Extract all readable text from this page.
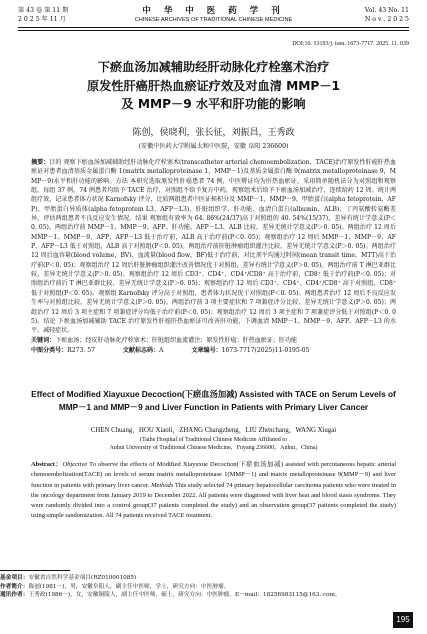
第 43 卷 第 11 期
2 0 2 5 年 11 月
中 华 中 医 药 学 刊
CHINESE ARCHIVES OF TRADITIONAL CHINESE MEDICINE
Vol. 43 No. 11
N o v . 2 0 2 5
DOI:10. 13193/j. issn. 1673-7717. 2025. 11. 039
下瘀血汤加减辅助经肝动脉化疗栓塞术治疗
原发性肝癌肝热血瘀证疗效及对血清 MMP－1
及 MMP－9 水平和肝功能的影响
陈创，侯晓利，张长征，刘振昌，王秀政
(安徽中医药大学附属太和中医院，安徽 阜阳 236600)
摘要：目的 观察下瘀血汤加减辅助经肝动脉化疗栓塞术(transcatheter arterial chemoembolization，TACE)治疗原发性肝癌肝热血瘀证对患者血清基质金属蛋白酶 1(matrix metalloproteinase 1，MMP－1)及基质金属蛋白酶 9(matrix metalloproteinase 9，MMP－9)水平和肝功能的影响。方法 本研究选取原发性肝癌患者 74 例，中医辨证均为肝热血瘀证，采用简单随机法分为对照组和观察组，每组 37 例。74 例患者均给予 TACE 治疗，对照组不给予复方中药，观察组术后给予下瘀血汤加减治疗，连续给药 12 周。统计两组疗效，记录患者体力状况 Karnofsky 评分，比较两组患者中医证候积分及 MMP－1、MMP－9、甲胎蛋白(alpha fetoprotein，AFP)、甲胎蛋白异质体(alpha fetoprotein L3，AFP－L3)、肝脏组织学、肝功能、血清白蛋白(albumin，ALB)、丁丙氨酸转氨酶差异，评估两组患者不良反应发生情况。结果 观察组有效率为 64. 86%(24/37)高于对照组的 40. 54%(15/37)，差异有统计学意义(P＜0. 05)。两组治疗前 MMP－1、MMP－9、AFP、肝功能、AFP－L3、ALB 比较，差异无统计学意义(P＞0. 05)。两组治疗 12 周后 MMP－1、MMP－9、AFP、AFP－L3 低于治疗前，ALB 高于治疗前(P＜0. 05)；观察组治疗 12 周后 MMP－1、MMP－9、AFP、AFP－L3 低于对照组，ALB 高于对照组(P＜0. 05)。两组治疗前肝脏肿瘤组织灌注比较，差异无统计学意义(P＞0. 05)。两组治疗 12 周后血容量(blood volume，BV)、血流量(blood flow，BF)低于治疗前，对比剂平均通过时间(mean transit time，MTT)高于治疗前(P＜0. 05)；观察组治疗 12 周后肝脏肿瘤组织灌注改善情况优于对照组，差异有统计学意义(P＞0. 05)。两组治疗前 T 淋巴亚群比较，差异无统计学意义(P＞0. 05)。观察组治疗 12 周后 CD3⁺、CD4⁺、CD4⁺/CD8⁺ 高于治疗前，CD8⁺ 低于治疗前(P＜0. 05)；对照组治疗前后 T 淋巴亚群比较，差异无统计学意义(P＞0. 05)；观察组治疗 12 周后 CD3⁺、CD4⁺、CD4⁺/CD8⁺ 高于对照组，CD8⁺ 低于对照组(P＜0. 05)。观察组 Karnofsky 评分高于对照组，患者体力状况优于对照组(P＜0. 05)。两组患者治疗 12 周后不良反应发生率与对照组比较，差异无统计学意义(P＞0. 05)。两组治疗前 3 项主要症状和 7 项兼症评分比较，差异无统计学意义(P＞0. 05)；两组治疗 12 周后 3 项主症和 7 项兼症评分均低于治疗前(P＜0. 05)；观察组治疗 12 周后 3 项主症和 7 项兼症评分低于对照组(P＜0. 05)。结论 下瘀血汤加减辅助 TACE 治疗原发性肝癌肝热血瘀证可改善肝功能，下调血清 MMP－1、MMP－9、AFP、AFP－L3 的水平，减轻症状。
关键词：下瘀血汤；经皮肝动脉化疗栓塞术；肝脏组织血流灌注；原发性肝癌；肝热血瘀证；肝功能
中图分类号：R273. 57	文献标志码：A	文章编号：1673-7717(2025)11-0195-05
Effect of Modified Xiayuxue Decoction(下瘀血汤加减) Assisted with TACE on Serum Levels of MMP－1 and MMP－9 and Liver Function in Patients with Primary Liver Cancer
CHEN Chuang，HOU Xiaoli，ZHANG Changzheng，LIU Zhenchang，WANG Xiugai
(Taihe Hospital of Traditional Chinese Medicine Affiliated to
Anhui University of Traditional Chinese Medicine，Fuyang 236600，Anhui，China)
Abstract：Objective To observe the effects of Modified Xiayuxue Decoction(下瘀血汤加减) assisted with percutaneous hepatic arterial chemoembolization(TACE) on levels of serum matrix metalloproteinase 1(MMP－1) and matrix metalloproteinase 9(MMP－9) and liver function in patients with primary liver cancer. Methods This study selected 74 primary hepatocellular carcinoma patients who were treated in the oncology department from January 2019 to December 2022. All patients were diagnosed with liver heat and blood stasis syndrome. They were randomly divided into a control group(37 patients completed the study) and an observation group(37 patients completed the study) using simple randomization. All 74 patients received TACE treatment.
基金项目：安徽省自然科学基金项目(RZ010001085)
作者简介：陈创(1981－)，男，安徽阜阳人，副主任中医师，学士，研究方向：中医肿瘤。
通讯作者：王秀政(1986－)，女，安徽铜陵人，副主任中医师，硕士，研究方向：中医肿瘤。E－mail：18256983115@163. com。
195
